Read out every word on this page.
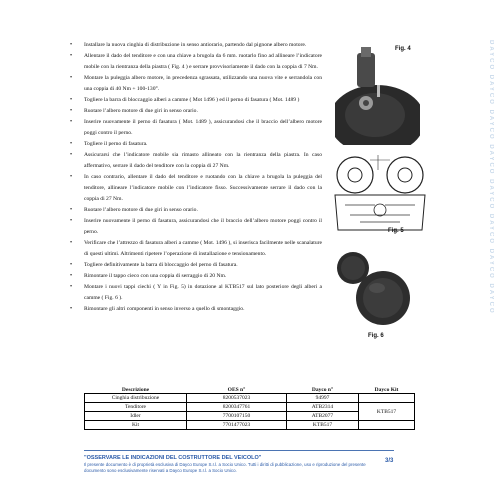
• Installare la nuova cinghia di distribuzione in senso antiorario, partendo dal pignone albero motore.
• Allentare il dado del tenditore e con una chiave a brugola da 6 mm. ruotarlo fino ad allineare l’indicatore mobile con la rientranza della piastra ( Fig. 4 ) e serrare provvisoriamente il dado con la coppia di 7 Nm.
• Montare la puleggia albero motore, in precedenza sgrassata, utilizzando una nuova vite e serrandola con una coppia di 40 Nm + 100-130°.
• Togliere la barra di bloccaggio alberi a camme ( Mot 1496 ) ed il perno di fasatura ( Mot. 1489 )
• Ruotare l’albero motore di due giri in senso orario.
• Inserire nuovamente il perno di fasatura ( Mot. 1489 ), assicurandosi che il braccio dell’albero motore poggi contro il perno.
• Togliere il perno di fasatura.
• Assicurarsi che l’indicatore mobile sia rimasto allineato con la rientranza della piastra. In caso affermativo, serrare il dado del tenditore con la coppia di 27 Nm.
• In caso contrario, allentare il dado del tenditore e ruotando con la chiave a brugola la puleggia del tenditore, allineare l’indicatore mobile con l’indicatore fisso. Successivamente serrare il dado con la coppia di 27 Nm.
• Ruotare l’albero motore di due giri in senso orario.
• Inserire nuovamente il perno di fasatura, assicurandosi che il braccio dell’albero motore poggi contro il perno.
• Verificare che l’attrezzo di fasatura alberi a camme ( Mot. 1496 ), si inserisca facilmente nelle scanalature di questi ultimi. Altrimenti ripetere l’operazione di installazione e tensionamento.
• Togliere definitivamente la barra di bloccaggio del perno di fasatura.
• Rimontare il tappo cieco con una coppia di serraggio di 20 Nm.
• Montare i nuovi tappi ciechi ( Y in Fig. 5) in dotazione al KTB517 sul lato posteriore degli alberi a camme ( Fig. 6 ).
• Rimontare gli altri componenti in senso inverso a quello di smontaggio.
Fig. 4
Fig. 5
Fig. 6
DAYCO DAYCO DAYCO DAYCO DAYCO DAYCO DAYCO DAYCO
Descrizione	OES n°	Dayco n°	Dayco Kit
Cinghia distribuzione	8200537023	94997	
Tenditore	8200347761	ATB2314	KTB517
Idler	7700107150	ATB2077	
Kit	7701477023	KTB517	
"OSSERVARE LE INDICAZIONI DEL COSTRUTTORE DEL VEICOLO"
Il presente documento è di proprietà esclusiva di Dayco Europe S.r.l. a Socio Unico. Tutti i diritti di pubblicazione, uso e riproduzione del presente documento sono esclusivamente riservati a Dayco Europe S.r.l. a Socio Unico.
3/3
